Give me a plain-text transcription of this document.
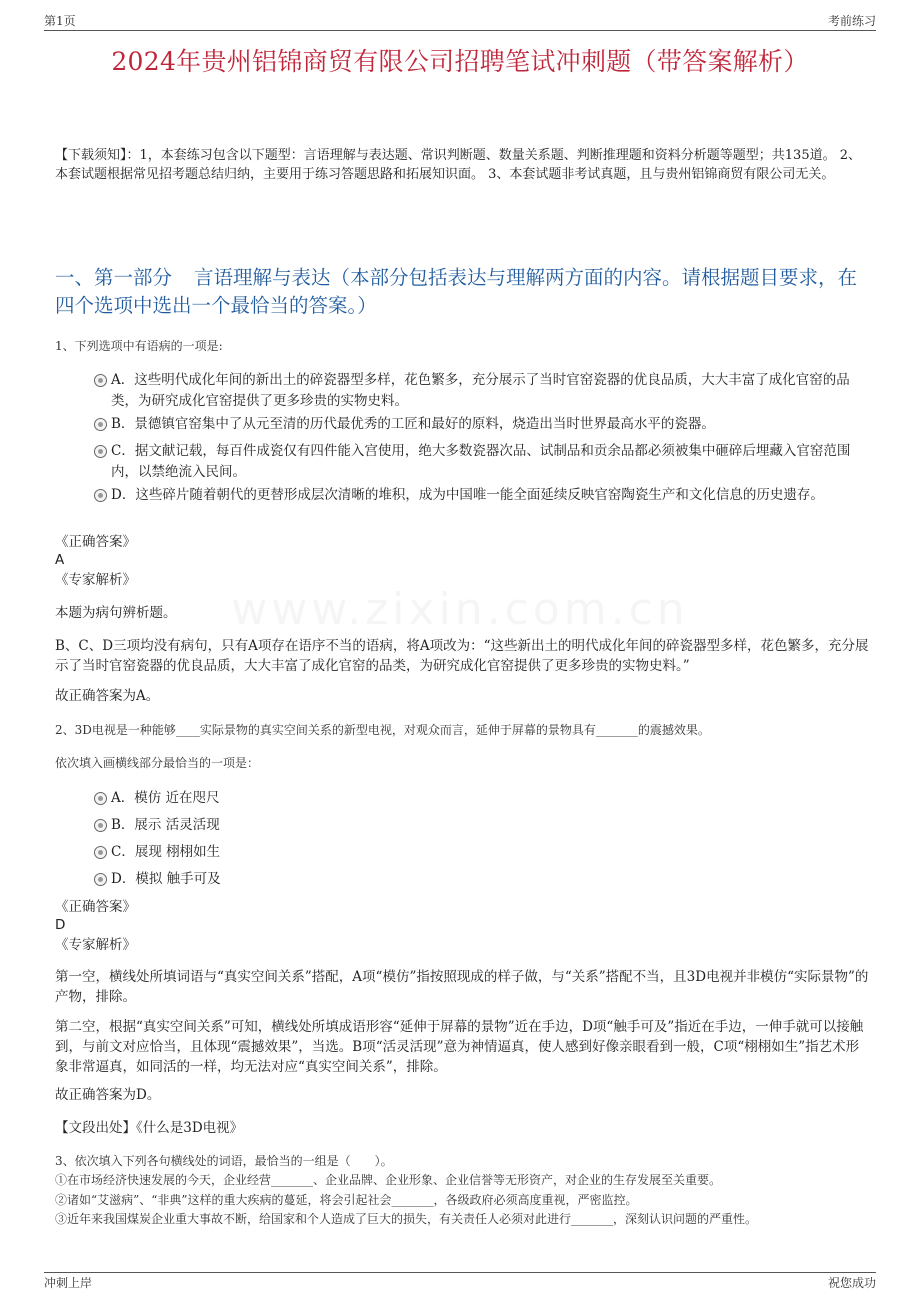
第1页	考前练习
2024年贵州铝锦商贸有限公司招聘笔试冲刺题（带答案解析）
【下载须知】：1，本套练习包含以下题型：言语理解与表达题、常识判断题、数量关系题、判断推理题和资料分析题等题型；共135道。 2、本套试题根据常见招考题总结归纳，主要用于练习答题思路和拓展知识面。 3、本套试题非考试真题，且与贵州铝锦商贸有限公司无关。
一、第一部分 言语理解与表达（本部分包括表达与理解两方面的内容。请根据题目要求，在四个选项中选出一个最恰当的答案。）
www.zixin.com.cn
1、下列选项中有语病的一项是:
A．这些明代成化年间的新出土的碎瓷器型多样，花色繁多，充分展示了当时官窑瓷器的优良品质，大大丰富了成化官窑的品类，为研究成化官窑提供了更多珍贵的实物史料。
B．景德镇官窑集中了从元至清的历代最优秀的工匠和最好的原料，烧造出当时世界最高水平的瓷器。
C．据文献记载，每百件成瓷仅有四件能入宫使用，绝大多数瓷器次品、试制品和贡余品都必须被集中砸碎后埋藏入官窑范围内，以禁绝流入民间。
D．这些碎片随着朝代的更替形成层次清晰的堆积，成为中国唯一能全面延续反映官窑陶瓷生产和文化信息的历史遗存。
《正确答案》
A
《专家解析》
本题为病句辨析题。
B、C、D三项均没有病句，只有A项存在语序不当的语病，将A项改为：“这些新出土的明代成化年间的碎瓷器型多样，花色繁多，充分展示了当时官窑瓷器的优良品质，大大丰富了成化官窑的品类，为研究成化官窑提供了更多珍贵的实物史料。”
故正确答案为A。
2、3D电视是一种能够____实际景物的真实空间关系的新型电视，对观众而言，延伸于屏幕的景物具有_______的震撼效果。
依次填入画横线部分最恰当的一项是：
A．模仿 近在咫尺
B．展示 活灵活现
C．展现 栩栩如生
D．模拟 触手可及
《正确答案》
D
《专家解析》
第一空，横线处所填词语与“真实空间关系”搭配，A项“模仿”指按照现成的样子做，与“关系”搭配不当，且3D电视并非模仿“实际景物”的产物，排除。
第二空，根据“真实空间关系”可知，横线处所填成语形容“延伸于屏幕的景物”近在手边，D项“触手可及”指近在手边，一伸手就可以接触到，与前文对应恰当，且体现“震撼效果”，当选。B项“活灵活现”意为神情逼真，使人感到好像亲眼看到一般，C项“栩栩如生”指艺术形象非常逼真，如同活的一样，均无法对应“真实空间关系”，排除。
故正确答案为D。
【文段出处】《什么是3D电视》
3、依次填入下列各句横线处的词语，最恰当的一组是（　　）。
①在市场经济快速发展的今天，企业经营_______、企业品牌、企业形象、企业信誉等无形资产，对企业的生存发展至关重要。
②诸如“艾滋病”、“非典”这样的重大疾病的蔓延，将会引起社会_______，各级政府必须高度重视，严密监控。
③近年来我国煤炭企业重大事故不断，给国家和个人造成了巨大的损失，有关责任人必须对此进行_______，深刻认识问题的严重性。
冲刺上岸	祝您成功
